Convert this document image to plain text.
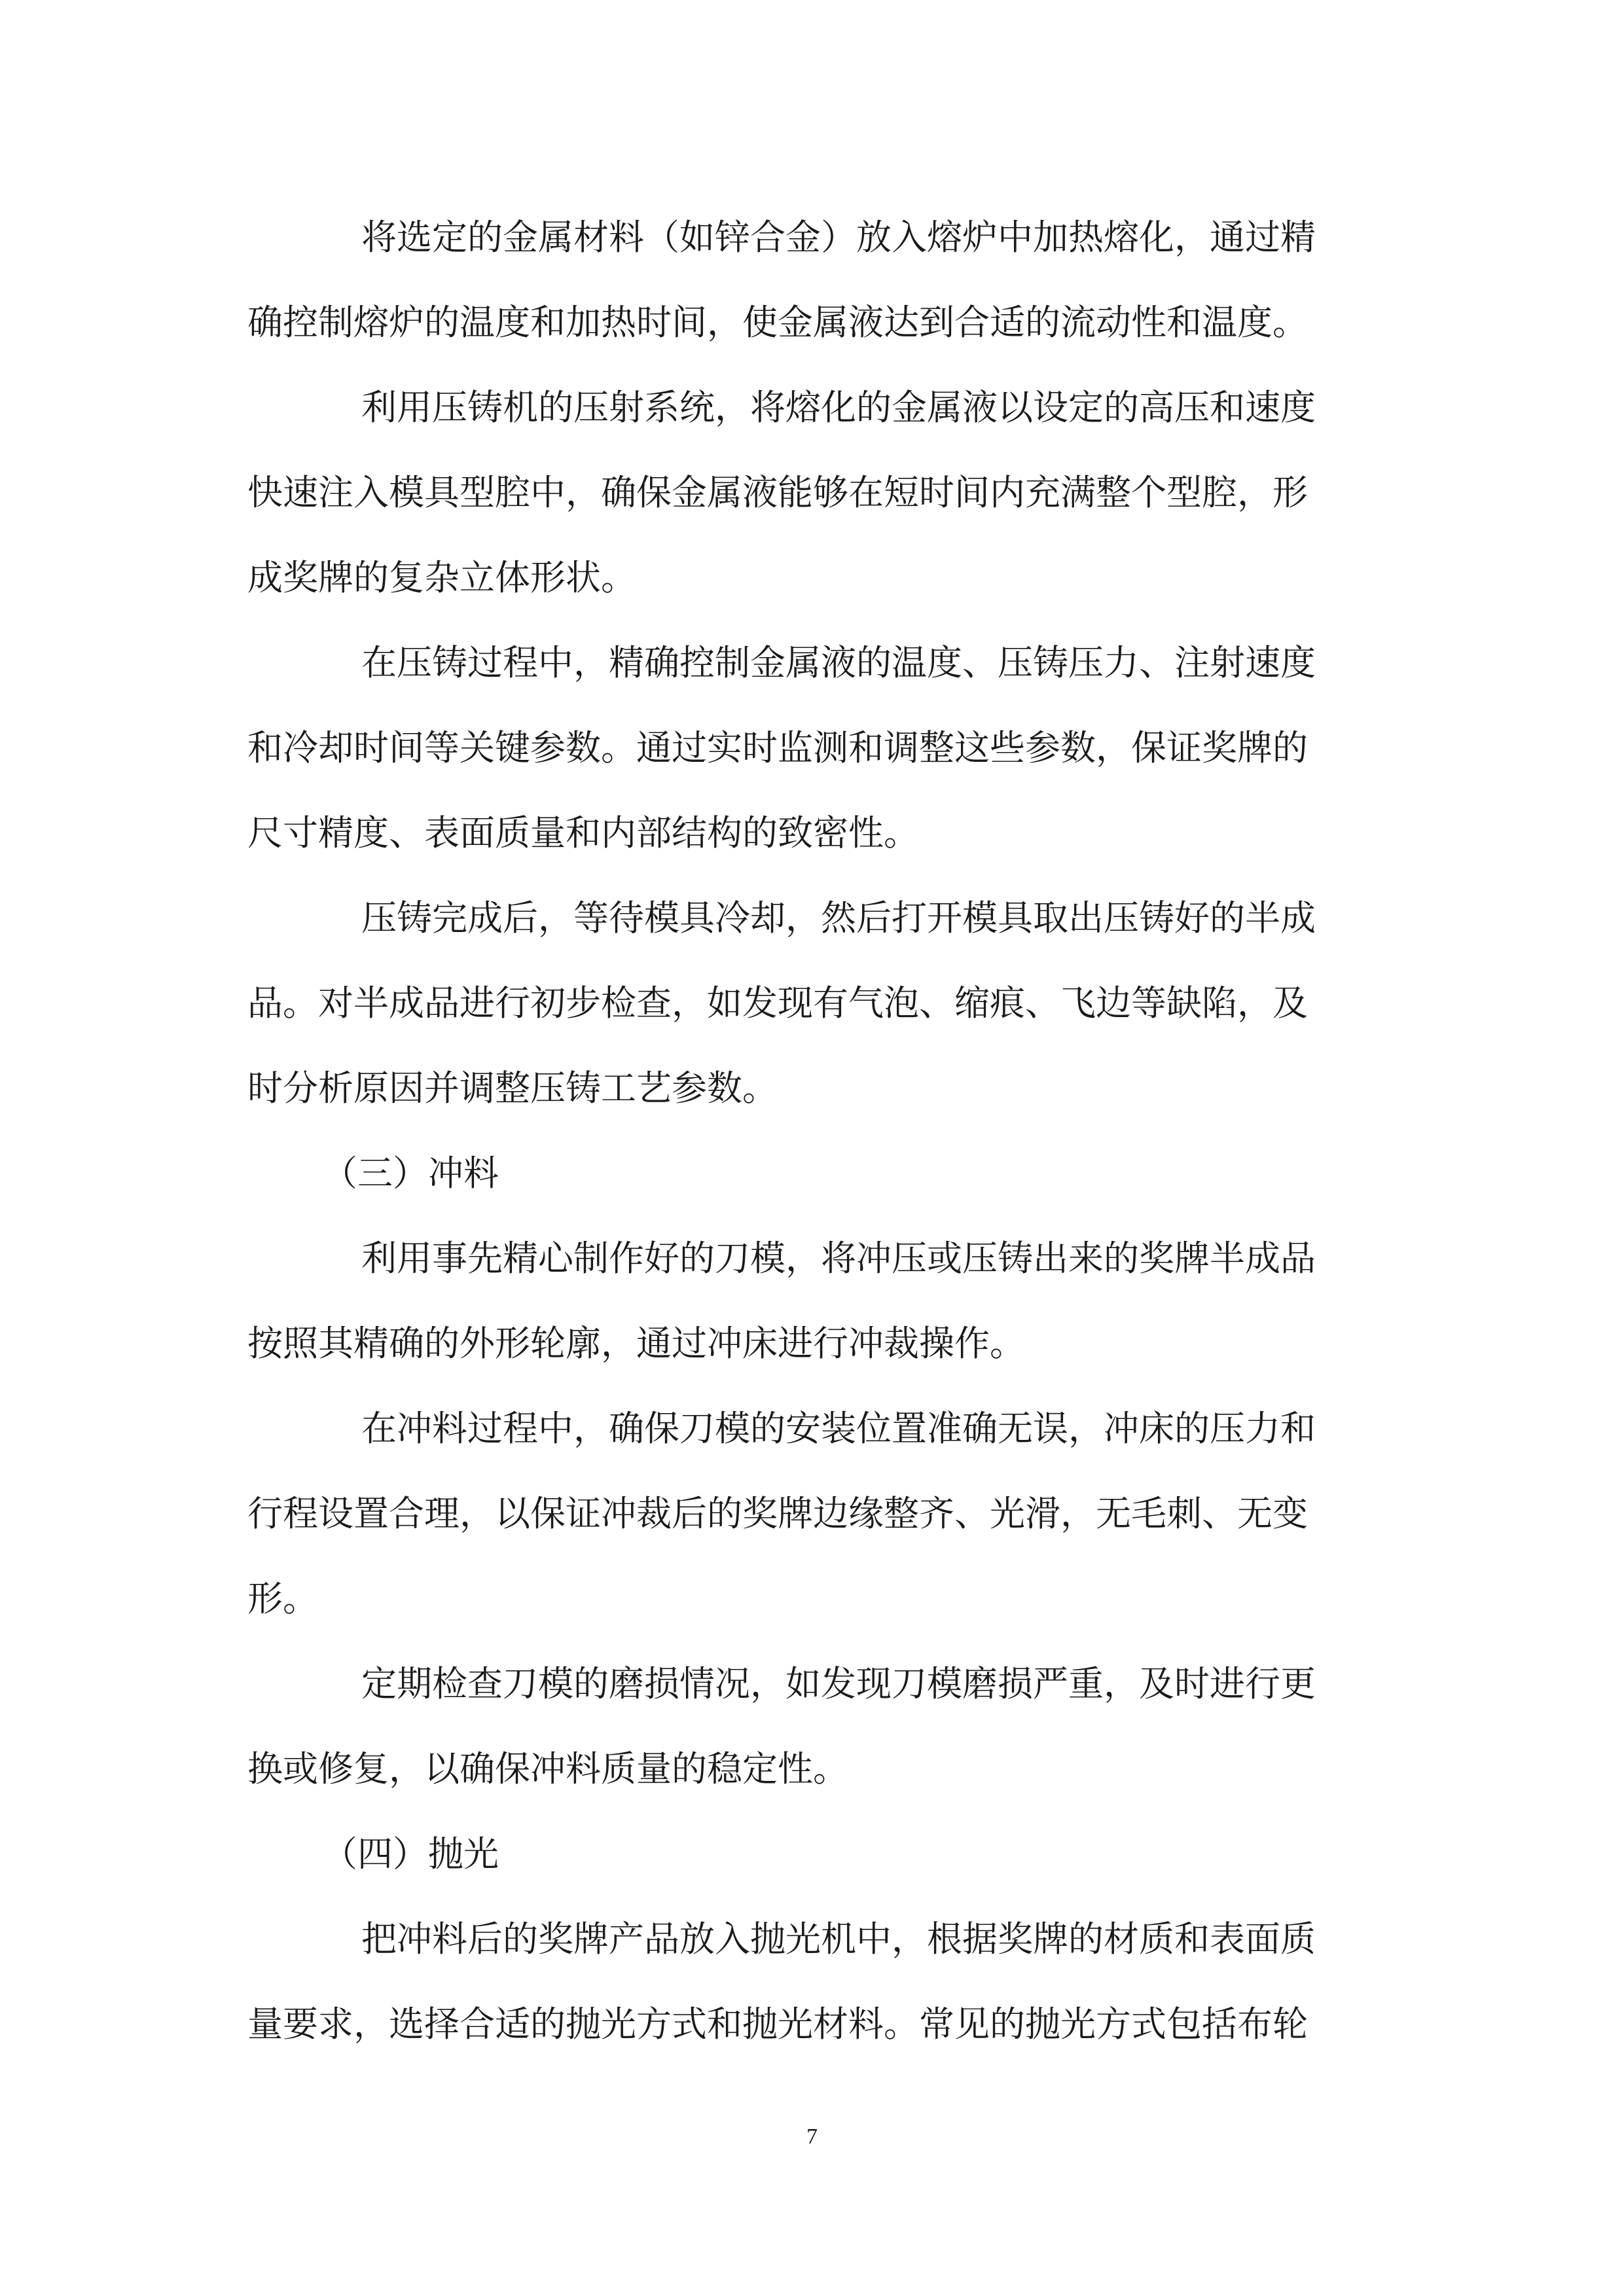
将选定的金属材料（如锌合金）放入熔炉中加热熔化，通过精
确控制熔炉的温度和加热时间，使金属液达到合适的流动性和温度。
利用压铸机的压射系统，将熔化的金属液以设定的高压和速度
快速注入模具型腔中，确保金属液能够在短时间内充满整个型腔，形
成奖牌的复杂立体形状。
在压铸过程中，精确控制金属液的温度、压铸压力、注射速度
和冷却时间等关键参数。通过实时监测和调整这些参数，保证奖牌的
尺寸精度、表面质量和内部结构的致密性。
压铸完成后，等待模具冷却，然后打开模具取出压铸好的半成
品。对半成品进行初步检查，如发现有气泡、缩痕、飞边等缺陷，及
时分析原因并调整压铸工艺参数。
（三）冲料
利用事先精心制作好的刀模，将冲压或压铸出来的奖牌半成品
按照其精确的外形轮廓，通过冲床进行冲裁操作。
在冲料过程中，确保刀模的安装位置准确无误，冲床的压力和
行程设置合理，以保证冲裁后的奖牌边缘整齐、光滑，无毛刺、无变
形。
定期检查刀模的磨损情况，如发现刀模磨损严重，及时进行更
换或修复，以确保冲料质量的稳定性。
（四）抛光
把冲料后的奖牌产品放入抛光机中，根据奖牌的材质和表面质
量要求，选择合适的抛光方式和抛光材料。常见的抛光方式包括布轮
7
